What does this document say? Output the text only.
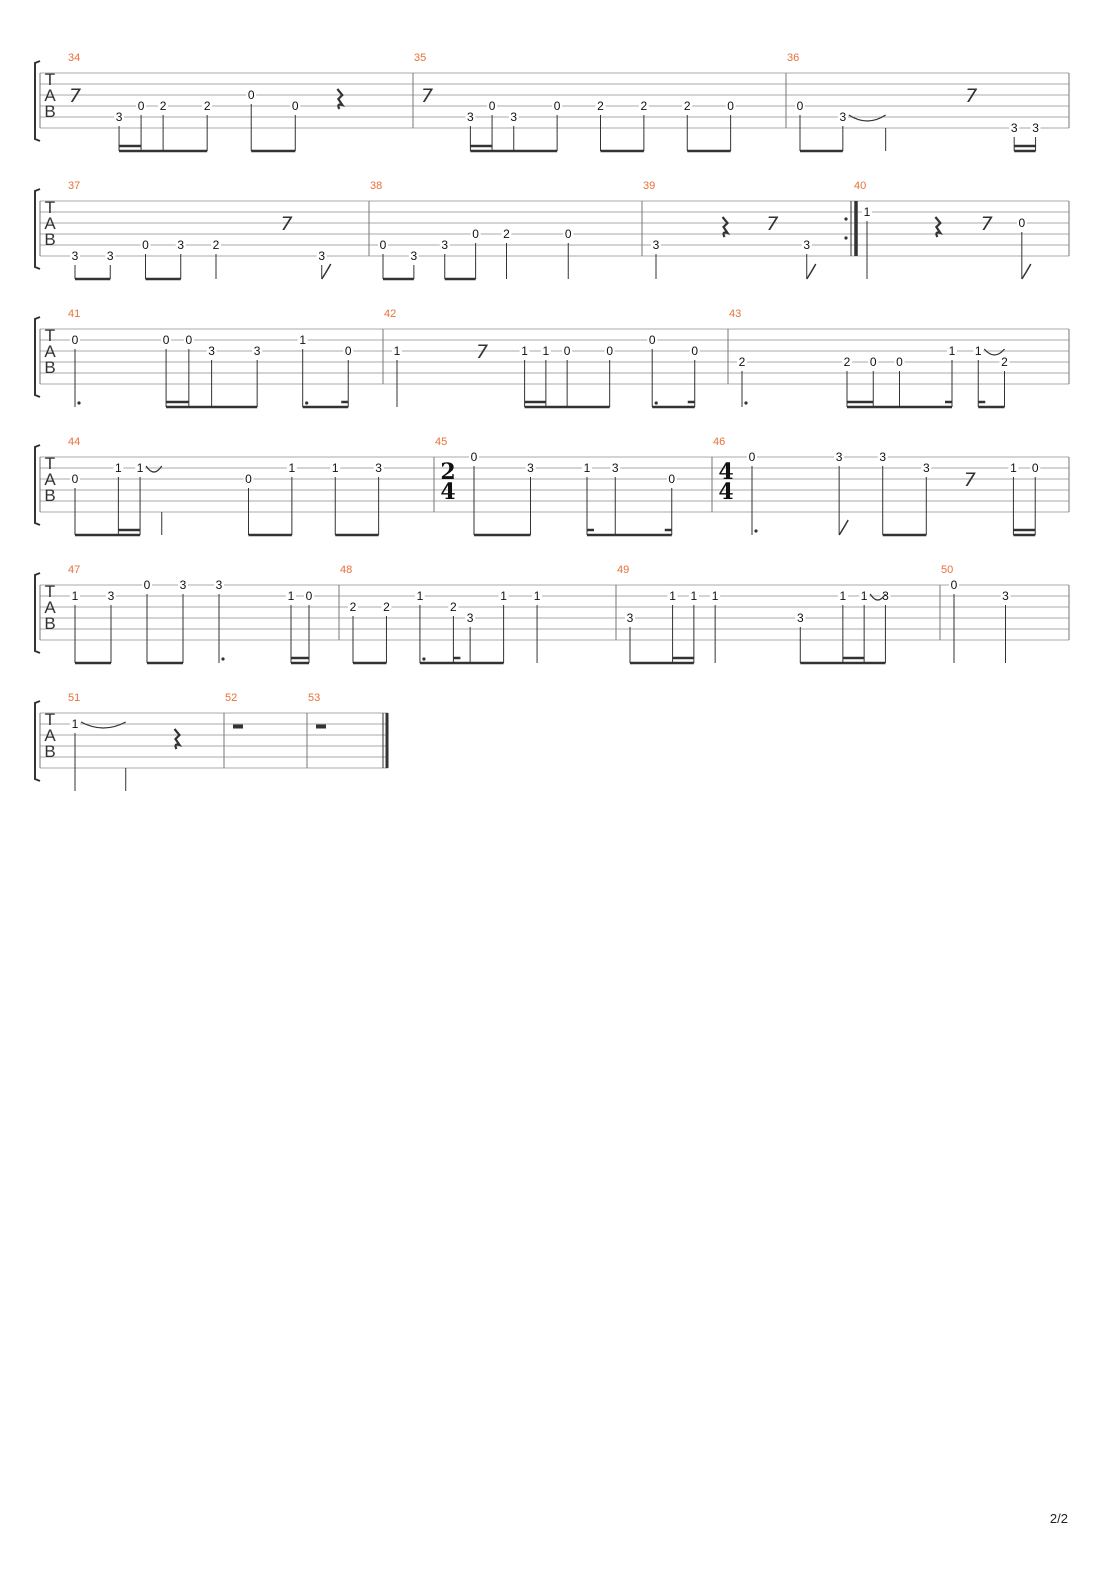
T
A
B
34
7
3
0 2	2
0
0
35
7
3
0
3
0	2	2	2	0
36
0
3
7
3 3
T
A
B
37
3 3
0 3 2
7
3
38
0
3
3
0 2	0
39
3
7
3
40
1
7 0
T
A
B
41
0	0 0
3	3
1
0
42
1	7	1 1 0	0
0
0
43
2	2 0 0
1 1
2
T
A
B
44
0
1 1
0
1	1	3
45
2
4
0
3	1 3
0
46
4
4
0	3	3
3
7
1 0
T
A
B
47
1 3
0 3 3
1 0
48
2 2
1
2
3
1 1
49
3
1 1 1
3
1 1 3
50
0
3
T
A
B
51
1
52	53
2/2
